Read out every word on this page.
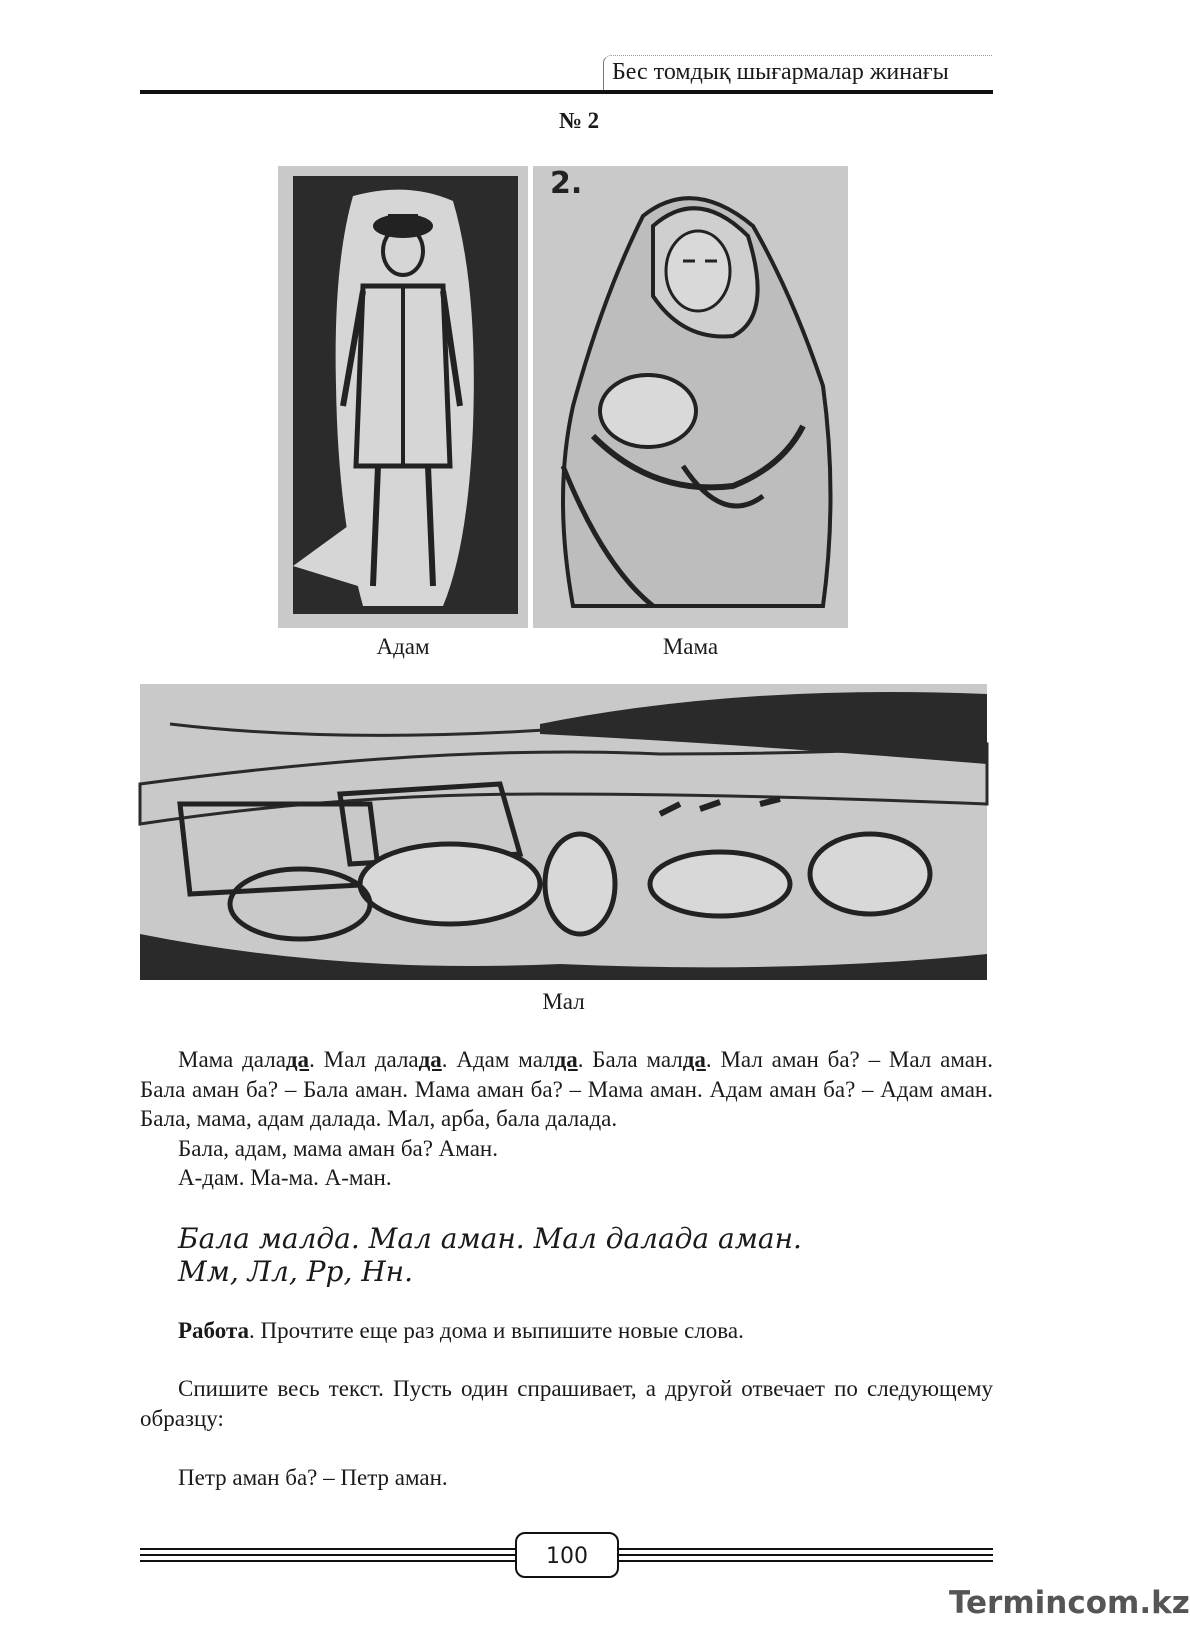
Бес томдық шығармалар жинағы
№ 2
2.
Адам	Мама
Мал

Мама далада. Мал далада. Адам малда. Бала малда. Мал аман ба? – Мал аман. Бала аман ба? – Бала аман. Мама аман ба? – Мама аман. Адам аман ба? – Адам аман. Бала, мама, адам далада. Мал, арба, бала далада.

Бала, адам, мама аман ба? Аман.

А-дам. Ма-ма. А-ман.

Бала малда. Мал аман. Мал далада аман.
Мм, Лл, Рр, Нн.

Работа. Прочтите еще раз дома и выпишите новые слова.

Спишите весь текст. Пусть один спрашивает, а другой отвечает по следующему образцу:

Петр аман ба? – Петр аман.

100
Termincom.kz
